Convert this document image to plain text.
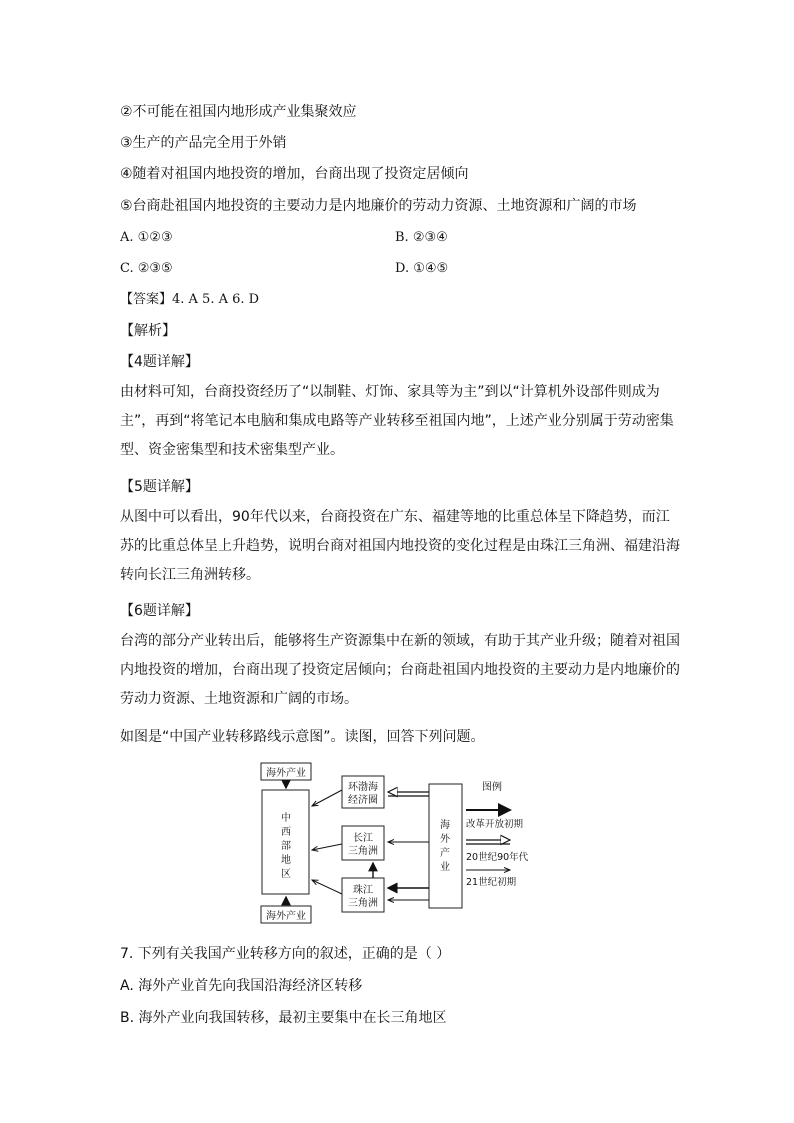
②不可能在祖国内地形成产业集聚效应
③生产的产品完全用于外销
④随着对祖国内地投资的增加，台商出现了投资定居倾向
⑤台商赴祖国内地投资的主要动力是内地廉价的劳动力资源、土地资源和广阔的市场
A. ①②③	B. ②③④
C. ②③⑤	D. ①④⑤
【答案】4. A 5. A 6. D
【解析】
【4题详解】
由材料可知，台商投资经历了“以制鞋、灯饰、家具等为主”到以“计算机外设部件则成为
主”，再到“将笔记本电脑和集成电路等产业转移至祖国内地”，上述产业分别属于劳动密集
型、资金密集型和技术密集型产业。
【5题详解】
从图中可以看出，90年代以来，台商投资在广东、福建等地的比重总体呈下降趋势，而江
苏的比重总体呈上升趋势，说明台商对祖国内地投资的变化过程是由珠江三角洲、福建沿海
转向长江三角洲转移。
【6题详解】
台湾的部分产业转出后，能够将生产资源集中在新的领域，有助于其产业升级；随着对祖国
内地投资的增加，台商出现了投资定居倾向；台商赴祖国内地投资的主要动力是内地廉价的
劳动力资源、土地资源和广阔的市场。
如图是“中国产业转移路线示意图”。读图，回答下列问题。
海外产业
中
西
部
地
区
海外产业
环渤海
经济圈
长江
三角洲
珠江
三角洲
海
外
产
业
图例
改革开放初期
20世纪90年代
21世纪初期
7. 下列有关我国产业转移方向的叙述，正确的是（ ）
A. 海外产业首先向我国沿海经济区转移
B. 海外产业向我国转移，最初主要集中在长三角地区
